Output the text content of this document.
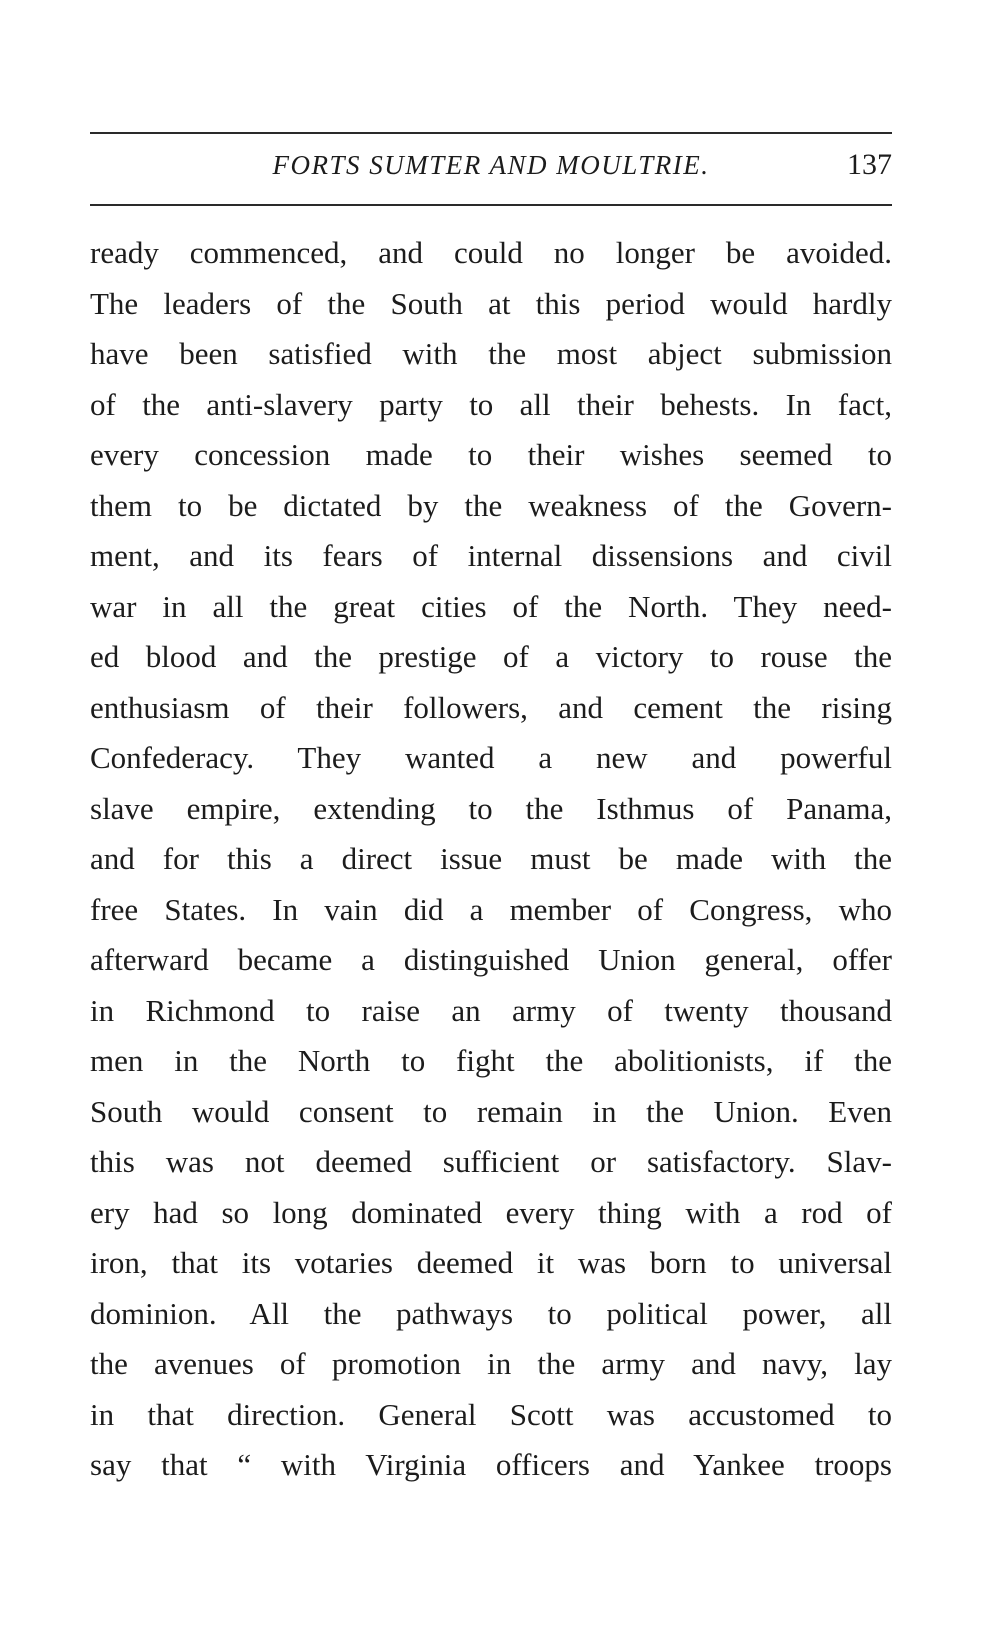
FORTS SUMTER AND MOULTRIE.	137
ready commenced, and could no longer be avoided.
The leaders of the South at this period would hardly
have been satisfied with the most abject submission
of the anti-slavery party to all their behests. In fact,
every concession made to their wishes seemed to
them to be dictated by the weakness of the Govern-
ment, and its fears of internal dissensions and civil
war in all the great cities of the North. They need-
ed blood and the prestige of a victory to rouse the
enthusiasm of their followers, and cement the rising
Confederacy. They wanted a new and powerful
slave empire, extending to the Isthmus of Panama,
and for this a direct issue must be made with the
free States. In vain did a member of Congress, who
afterward became a distinguished Union general, offer
in Richmond to raise an army of twenty thousand
men in the North to fight the abolitionists, if the
South would consent to remain in the Union. Even
this was not deemed sufficient or satisfactory. Slav-
ery had so long dominated every thing with a rod of
iron, that its votaries deemed it was born to universal
dominion. All the pathways to political power, all
the avenues of promotion in the army and navy, lay
in that direction. General Scott was accustomed to
say that “ with Virginia officers and Yankee troops
